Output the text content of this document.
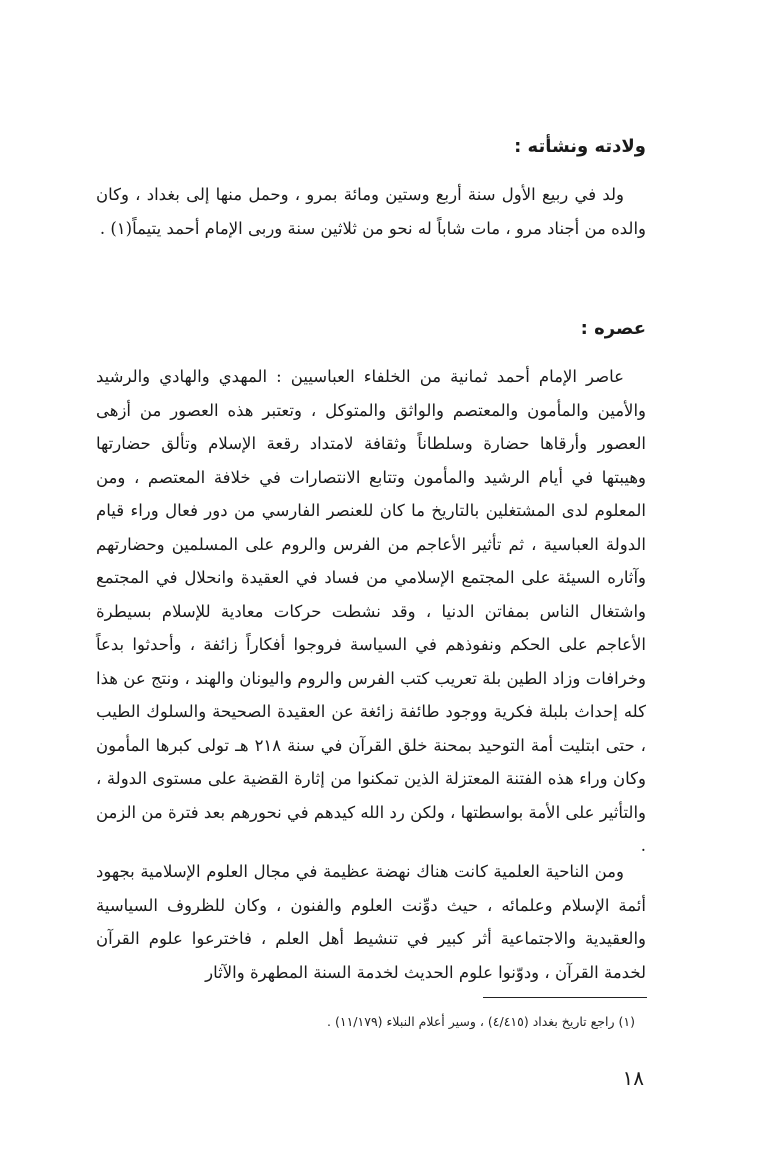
ولادته ونشأته :

ولد في ربيع الأول سنة أربع وستين ومائة بمرو ، وحمل منها إلى بغداد ، وكان والده من أجناد مرو ، مات شاباً له نحو من ثلاثين سنة وربى الإمام أحمد يتيماً(١) .

عصره :

عاصر الإمام أحمد ثمانية من الخلفاء العباسيين : المهدي والهادي والرشيد والأمين والمأمون والمعتصم والواثق والمتوكل ، وتعتبر هذه العصور من أزهى العصور وأرقاها حضارة وسلطاناً وثقافة لامتداد رقعة الإسلام وتألق حضارتها وهيبتها في أيام الرشيد والمأمون وتتابع الانتصارات في خلافة المعتصم ، ومن المعلوم لدى المشتغلين بالتاريخ ما كان للعنصر الفارسي من دور فعال وراء قيام الدولة العباسية ، ثم تأثير الأعاجم من الفرس والروم على المسلمين وحضارتهم وآثاره السيئة على المجتمع الإسلامي من فساد في العقيدة وانحلال في المجتمع واشتغال الناس بمفاتن الدنيا ، وقد نشطت حركات معادية للإسلام بسيطرة الأعاجم على الحكم ونفوذهم في السياسة فروجوا أفكاراً زائفة ، وأحدثوا بدعاً وخرافات وزاد الطين بلة تعريب كتب الفرس والروم واليونان والهند ، ونتج عن هذا كله إحداث بلبلة فكرية ووجود طائفة زائغة عن العقيدة الصحيحة والسلوك الطيب ، حتى ابتليت أمة التوحيد بمحنة خلق القرآن في سنة ٢١٨ هـ تولى كبرها المأمون وكان وراء هذه الفتنة المعتزلة الذين تمكنوا من إثارة القضية على مستوى الدولة ، والتأثير على الأمة بواسطتها ، ولكن رد الله كيدهم في نحورهم بعد فترة من الزمن .

ومن الناحية العلمية كانت هناك نهضة عظيمة في مجال العلوم الإسلامية بجهود أئمة الإسلام وعلمائه ، حيث دوِّنت العلوم والفنون ، وكان للظروف السياسية والعقيدية والاجتماعية أثر كبير في تنشيط أهل العلم ، فاخترعوا علوم القرآن لخدمة القرآن ، ودوّنوا علوم الحديث لخدمة السنة المطهرة والآثار

(١) راجع تاريخ بغداد (٤/٤١٥) ، وسير أعلام النبلاء (١١/١٧٩) .
١٨
